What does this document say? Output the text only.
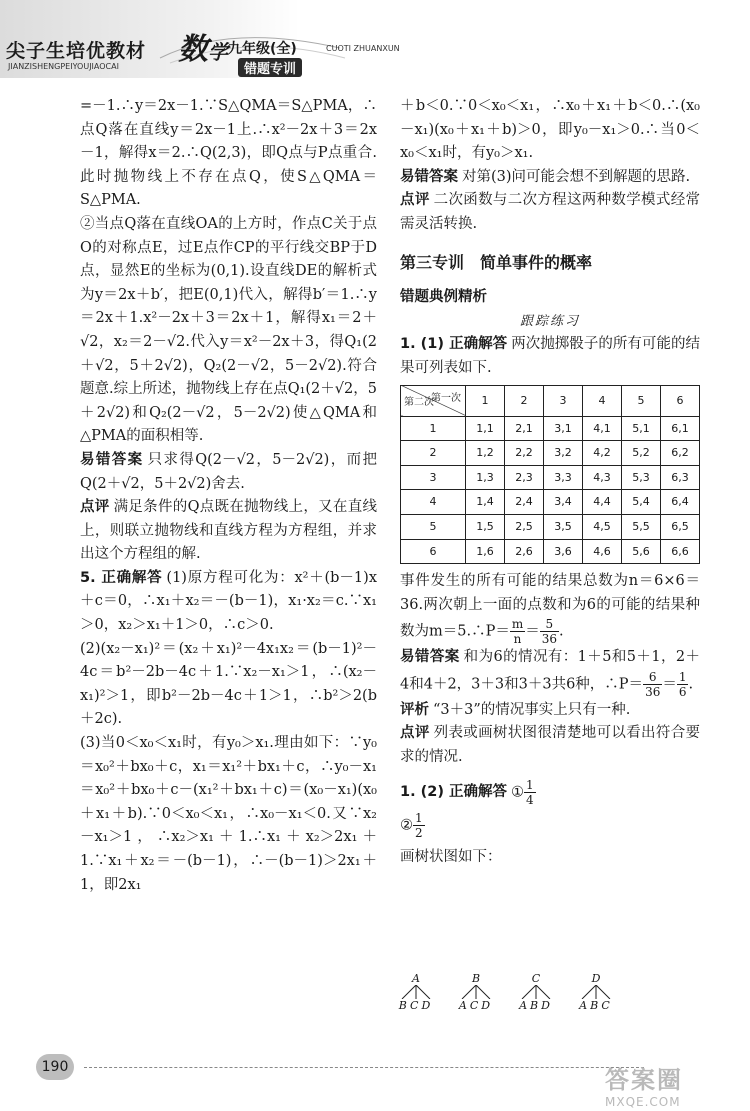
尖子生培优教材
JIANZISHENGPEIYOUJIAOCAI 数学 九年级(全)
错题专训
CUOTI ZHUANXUN

=－1.∴y＝2x－1.∵S△QMA＝S△PMA，∴点Q落在直线y＝2x－1上.∴x²－2x＋3＝2x－1，解得x＝2.∴Q(2,3)，即Q点与P点重合.此时抛物线上不存在点Q，使S△QMA＝S△PMA.

②当点Q落在直线OA的上方时，作点C关于点O的对称点E，过E点作CP的平行线交BP于D点，显然E的坐标为(0,1).设直线DE的解析式为y＝2x＋b′，把E(0,1)代入，解得b′＝1.∴y＝2x＋1.x²－2x＋3＝2x＋1，解得x₁＝2＋√2，x₂＝2－√2.代入y＝x²－2x＋3，得Q₁(2＋√2，5＋2√2)，Q₂(2－√2，5－2√2).符合题意.综上所述，抛物线上存在点Q₁(2＋√2，5＋2√2)和Q₂(2－√2，5－2√2)使△QMA和△PMA的面积相等.

易错答案 只求得Q(2－√2，5－2√2)，而把Q(2＋√2，5＋2√2)舍去.

点评 满足条件的Q点既在抛物线上，又在直线上，则联立抛物线和直线方程为方程组，并求出这个方程组的解.

5. 正确解答 (1)原方程可化为：x²＋(b－1)x＋c＝0，∴x₁＋x₂＝－(b－1)，x₁·x₂＝c.∵x₁＞0，x₂＞x₁＋1＞0，∴c＞0.

(2)(x₂－x₁)²＝(x₂＋x₁)²－4x₁x₂＝(b－1)²－4c＝b²－2b－4c＋1.∵x₂－x₁＞1，∴(x₂－x₁)²＞1，即b²－2b－4c＋1＞1，∴b²＞2(b＋2c).

(3)当0＜x₀＜x₁时，有y₀＞x₁.理由如下：∵y₀＝x₀²＋bx₀＋c，x₁＝x₁²＋bx₁＋c，∴y₀－x₁＝x₀²＋bx₀＋c－(x₁²＋bx₁＋c)＝(x₀－x₁)(x₀＋x₁＋b).∵0＜x₀＜x₁，∴x₀－x₁＜0.又∵x₂－x₁＞1，∴x₂＞x₁＋1.∴x₁＋x₂＞2x₁＋1.∵x₁＋x₂＝－(b－1)，∴－(b－1)＞2x₁＋1，即2x₁

＋b＜0.∵0＜x₀＜x₁，∴x₀＋x₁＋b＜0.∴(x₀－x₁)(x₀＋x₁＋b)＞0，即y₀－x₁＞0.∴当0＜x₀＜x₁时，有y₀＞x₁.

易错答案 对第(3)问可能会想不到解题的思路.

点评 二次函数与二次方程这两种数学模式经常需灵活转换.

第三专训　简单事件的概率

错题典例精析

跟踪练习

1. (1) 正确解答 两次抛掷骰子的所有可能的结果可列表如下.

第一次
第二次	1	2	3	4	5	6
1	1,1	2,1	3,1	4,1	5,1	6,1
2	1,2	2,2	3,2	4,2	5,2	6,2
3	1,3	2,3	3,3	4,3	5,3	6,3
4	1,4	2,4	3,4	4,4	5,4	6,4
5	1,5	2,5	3,5	4,5	5,5	6,5
6	1,6	2,6	3,6	4,6	5,6	6,6

事件发生的所有可能的结果总数为n＝6×6＝36.两次朝上一面的点数和为6的可能的结果种数为m＝5.∴P＝ $\frac{m}{n} = \frac{5}{36}$ .

易错答案 和为6的情况有：1＋5和5＋1，2＋4和4＋2，3＋3和3＋3共6种，∴P＝ $\frac{6}{36} = \frac{1}{6}$ .

评析 “3＋3”的情况事实上只有一种.

点评 列表或画树状图很清楚地可以看出符合要求的情况.

1. (2) 正确解答 ① $\frac{1}{4}$

② $\frac{1}{2}$

画树状图如下：

A
BCD
B
ACD
C
ABD
D
ABC
190	答案圈
MXQE.COM
